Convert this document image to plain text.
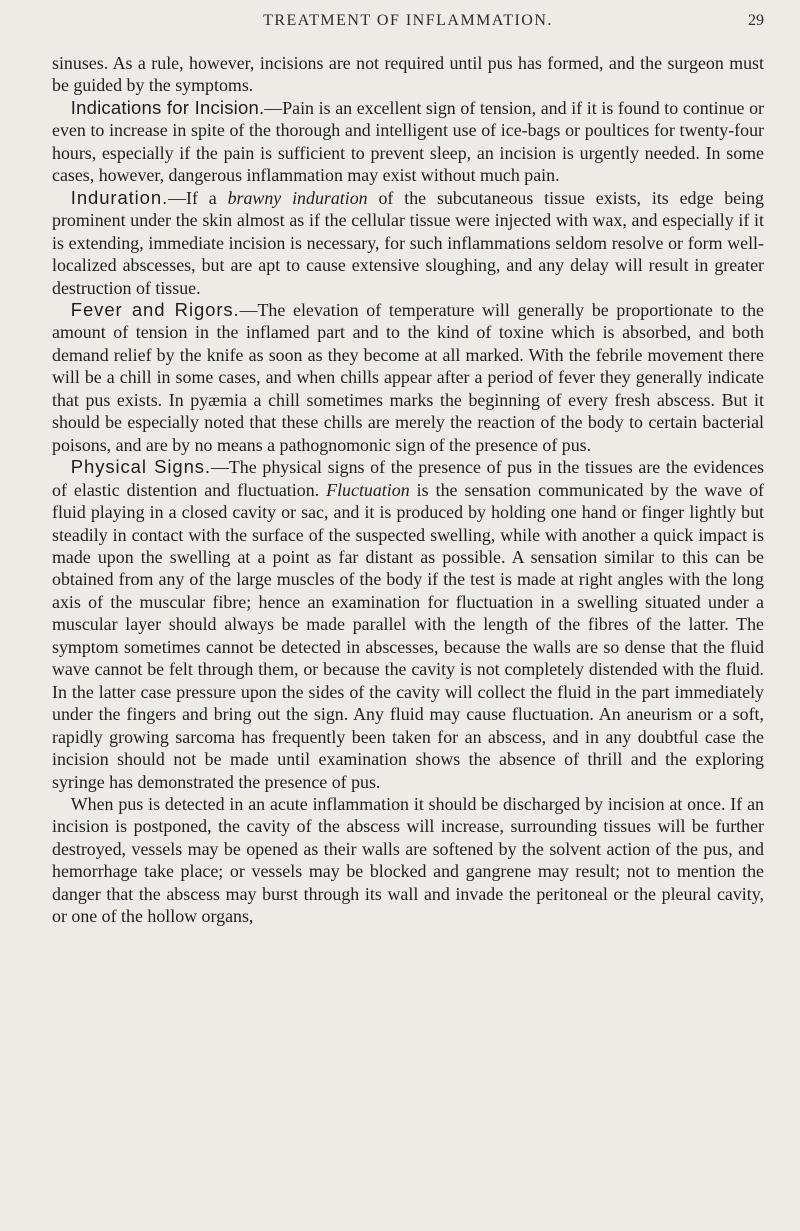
TREATMENT OF INFLAMMATION.	29

sinuses. As a rule, however, incisions are not required until pus has formed, and the surgeon must be guided by the symptoms.

Indications for Incision.—Pain is an excellent sign of tension, and if it is found to continue or even to increase in spite of the thorough and intelligent use of ice-bags or poultices for twenty-four hours, especially if the pain is sufficient to prevent sleep, an incision is urgently needed. In some cases, however, dangerous inflammation may exist without much pain.

Induration.—If a brawny induration of the subcutaneous tissue exists, its edge being prominent under the skin almost as if the cellular tissue were injected with wax, and especially if it is extending, immediate incision is necessary, for such inflammations seldom resolve or form well-localized abscesses, but are apt to cause extensive sloughing, and any delay will result in greater destruction of tissue.

Fever and Rigors.—The elevation of temperature will generally be proportionate to the amount of tension in the inflamed part and to the kind of toxine which is absorbed, and both demand relief by the knife as soon as they become at all marked. With the febrile movement there will be a chill in some cases, and when chills appear after a period of fever they generally indicate that pus exists. In pyæmia a chill sometimes marks the beginning of every fresh abscess. But it should be especially noted that these chills are merely the reaction of the body to certain bacterial poisons, and are by no means a pathognomonic sign of the presence of pus.

Physical Signs.—The physical signs of the presence of pus in the tissues are the evidences of elastic distention and fluctuation. Fluctuation is the sensation communicated by the wave of fluid playing in a closed cavity or sac, and it is produced by holding one hand or finger lightly but steadily in contact with the surface of the suspected swelling, while with another a quick impact is made upon the swelling at a point as far distant as possible. A sensation similar to this can be obtained from any of the large muscles of the body if the test is made at right angles with the long axis of the muscular fibre; hence an examination for fluctuation in a swelling situated under a muscular layer should always be made parallel with the length of the fibres of the latter. The symptom sometimes cannot be detected in abscesses, because the walls are so dense that the fluid wave cannot be felt through them, or because the cavity is not completely distended with the fluid. In the latter case pressure upon the sides of the cavity will collect the fluid in the part immediately under the fingers and bring out the sign. Any fluid may cause fluctuation. An aneurism or a soft, rapidly growing sarcoma has frequently been taken for an abscess, and in any doubtful case the incision should not be made until examination shows the absence of thrill and the exploring syringe has demonstrated the presence of pus.

When pus is detected in an acute inflammation it should be discharged by incision at once. If an incision is postponed, the cavity of the abscess will increase, surrounding tissues will be further destroyed, vessels may be opened as their walls are softened by the solvent action of the pus, and hemorrhage take place; or vessels may be blocked and gangrene may result; not to mention the danger that the abscess may burst through its wall and invade the peritoneal or the pleural cavity, or one of the hollow organs,
